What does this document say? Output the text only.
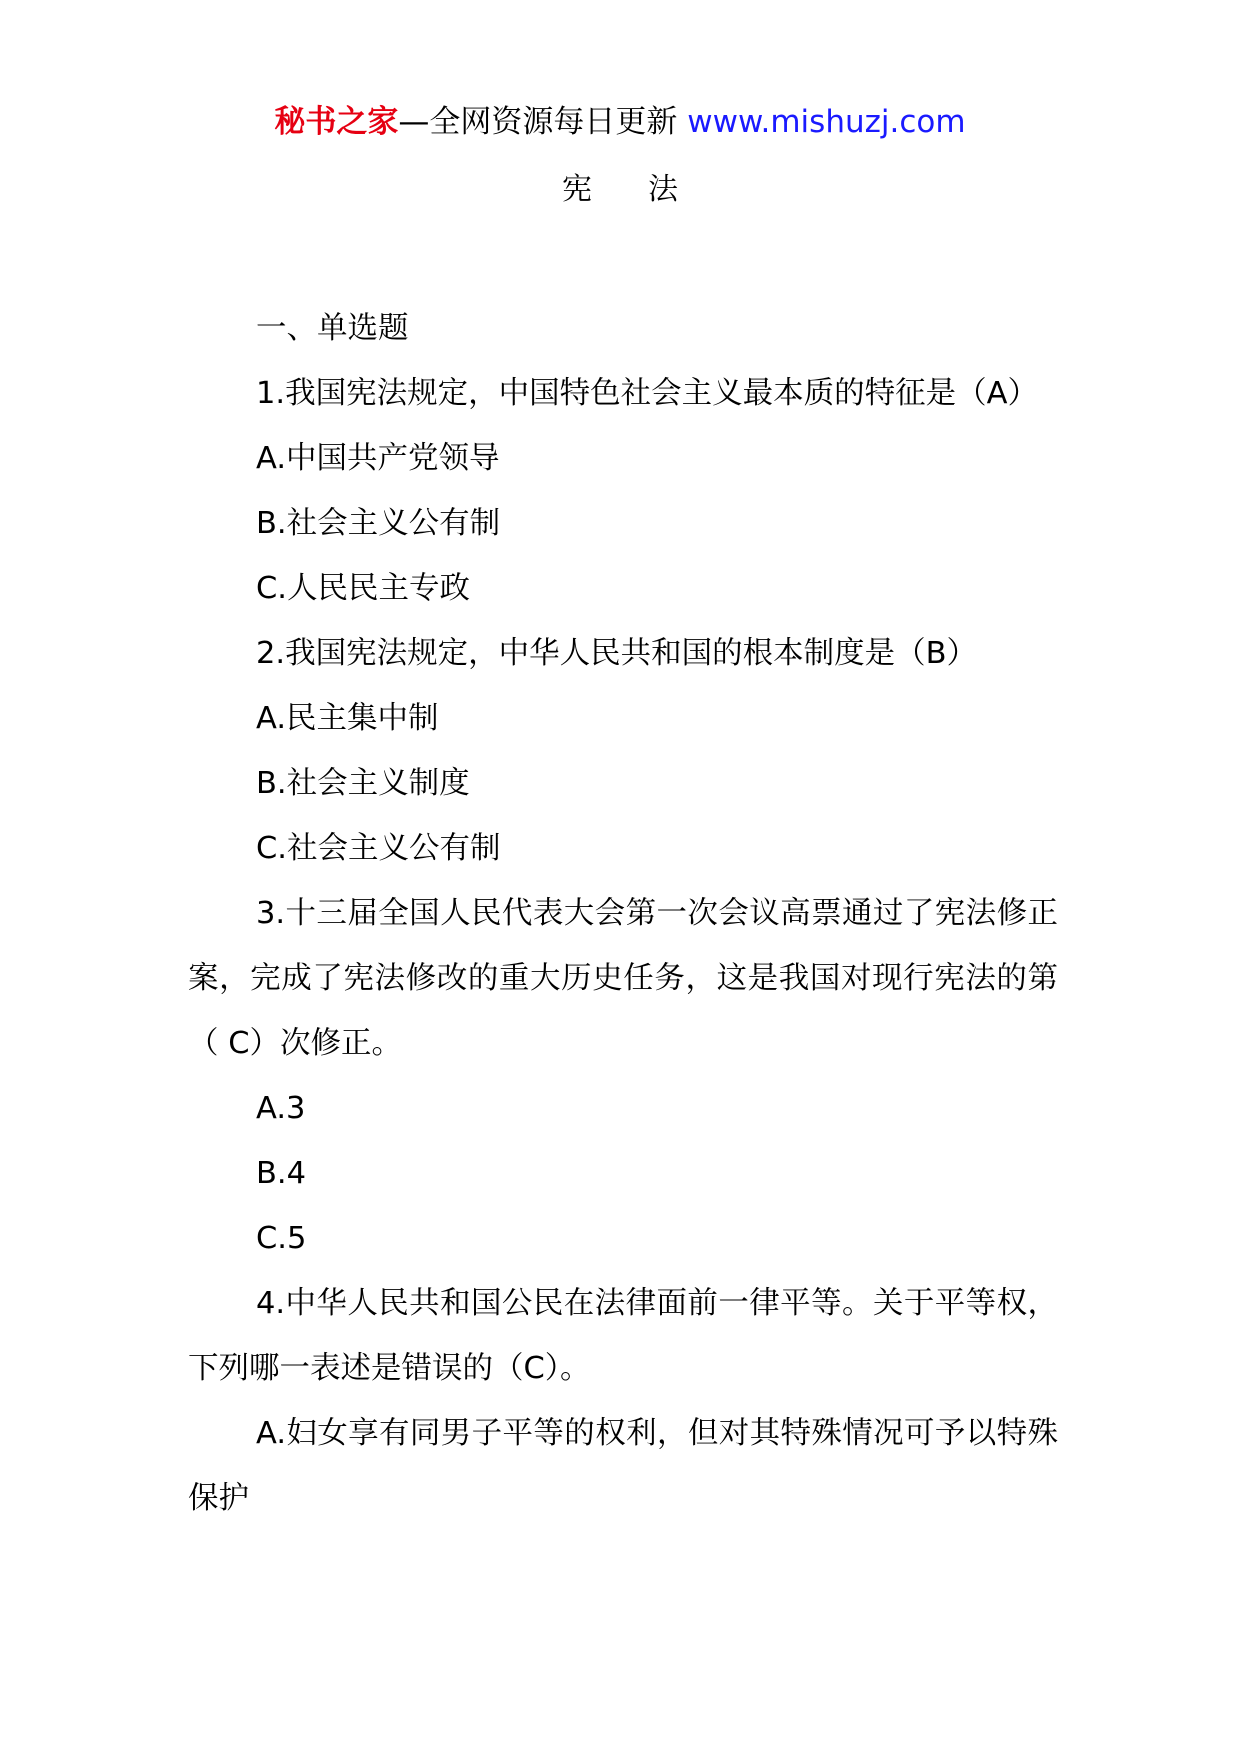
秘书之家—全网资源每日更新 www.mishuzj.com
宪 法

一、单选题

1.我国宪法规定，中国特色社会主义最本质的特征是（A）

A.中国共产党领导

B.社会主义公有制

C.人民民主专政

2.我国宪法规定，中华人民共和国的根本制度是（B）

A.民主集中制

B.社会主义制度

C.社会主义公有制

3.十三届全国人民代表大会第一次会议高票通过了宪法修正案，完成了宪法修改的重大历史任务，这是我国对现行宪法的第（ C）次修正。

A.3

B.4

C.5

4.中华人民共和国公民在法律面前一律平等。关于平等权，下列哪一表述是错误的（C）。

A.妇女享有同男子平等的权利，但对其特殊情况可予以特殊保护
